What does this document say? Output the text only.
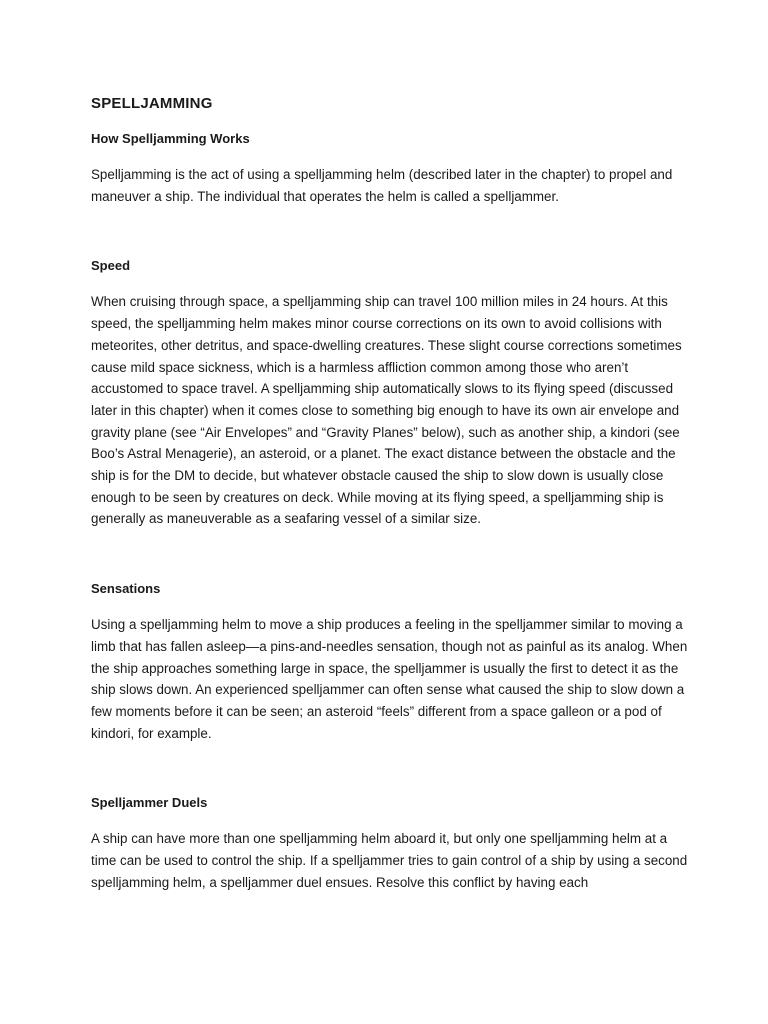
SPELLJAMMING
How Spelljamming Works

Spelljamming is the act of using a spelljamming helm (described later in the chapter) to propel and maneuver a ship. The individual that operates the helm is called a spelljammer.

Speed

When cruising through space, a spelljamming ship can travel 100 million miles in 24 hours. At this speed, the spelljamming helm makes minor course corrections on its own to avoid collisions with meteorites, other detritus, and space-dwelling creatures. These slight course corrections sometimes cause mild space sickness, which is a harmless affliction common among those who aren’t accustomed to space travel. A spelljamming ship automatically slows to its flying speed (discussed later in this chapter) when it comes close to something big enough to have its own air envelope and gravity plane (see “Air Envelopes” and “Gravity Planes” below), such as another ship, a kindori (see Boo’s Astral Menagerie), an asteroid, or a planet. The exact distance between the obstacle and the ship is for the DM to decide, but whatever obstacle caused the ship to slow down is usually close enough to be seen by creatures on deck. While moving at its flying speed, a spelljamming ship is generally as maneuverable as a seafaring vessel of a similar size.

Sensations

Using a spelljamming helm to move a ship produces a feeling in the spelljammer similar to moving a limb that has fallen asleep—a pins-and-needles sensation, though not as painful as its analog. When the ship approaches something large in space, the spelljammer is usually the first to detect it as the ship slows down. An experienced spelljammer can often sense what caused the ship to slow down a few moments before it can be seen; an asteroid “feels” different from a space galleon or a pod of kindori, for example.

Spelljammer Duels

A ship can have more than one spelljamming helm aboard it, but only one spelljamming helm at a time can be used to control the ship. If a spelljammer tries to gain control of a ship by using a second spelljamming helm, a spelljammer duel ensues. Resolve this conflict by having each
